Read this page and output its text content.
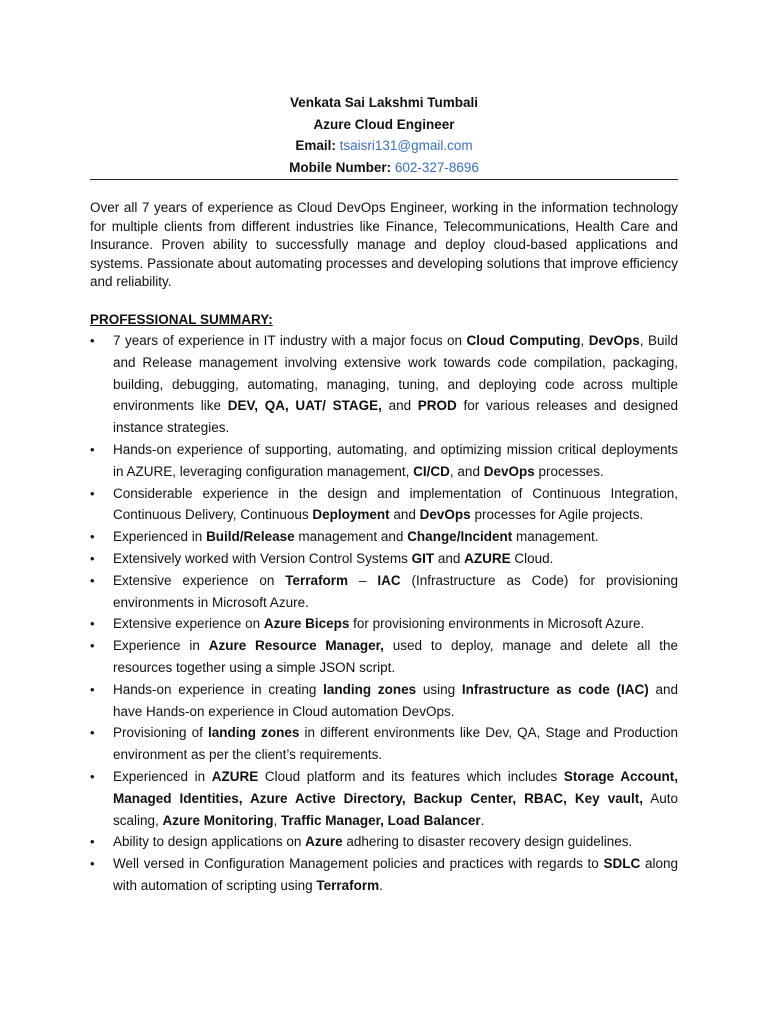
Venkata Sai Lakshmi Tumbali
Azure Cloud Engineer
Email: tsaisri131@gmail.com
Mobile Number: 602-327-8696
Over all 7 years of experience as Cloud DevOps Engineer, working in the information technology for multiple clients from different industries like Finance, Telecommunications, Health Care and Insurance. Proven ability to successfully manage and deploy cloud-based applications and systems. Passionate about automating processes and developing solutions that improve efficiency and reliability.
PROFESSIONAL SUMMARY:
• 7 years of experience in IT industry with a major focus on Cloud Computing, DevOps, Build and Release management involving extensive work towards code compilation, packaging, building, debugging, automating, managing, tuning, and deploying code across multiple environments like DEV, QA, UAT/ STAGE, and PROD for various releases and designed instance strategies.
• Hands-on experience of supporting, automating, and optimizing mission critical deployments in AZURE, leveraging configuration management, CI/CD, and DevOps processes.
• Considerable experience in the design and implementation of Continuous Integration, Continuous Delivery, Continuous Deployment and DevOps processes for Agile projects.
• Experienced in Build/Release management and Change/Incident management.
• Extensively worked with Version Control Systems GIT and AZURE Cloud.
• Extensive experience on Terraform – IAC (Infrastructure as Code) for provisioning environments in Microsoft Azure.
• Extensive experience on Azure Biceps for provisioning environments in Microsoft Azure.
• Experience in Azure Resource Manager, used to deploy, manage and delete all the resources together using a simple JSON script.
• Hands-on experience in creating landing zones using Infrastructure as code (IAC) and have Hands-on experience in Cloud automation DevOps.
• Provisioning of landing zones in different environments like Dev, QA, Stage and Production environment as per the client’s requirements.
• Experienced in AZURE Cloud platform and its features which includes Storage Account, Managed Identities, Azure Active Directory, Backup Center, RBAC, Key vault, Auto scaling, Azure Monitoring, Traffic Manager, Load Balancer.
• Ability to design applications on Azure adhering to disaster recovery design guidelines.
• Well versed in Configuration Management policies and practices with regards to SDLC along with automation of scripting using Terraform.
